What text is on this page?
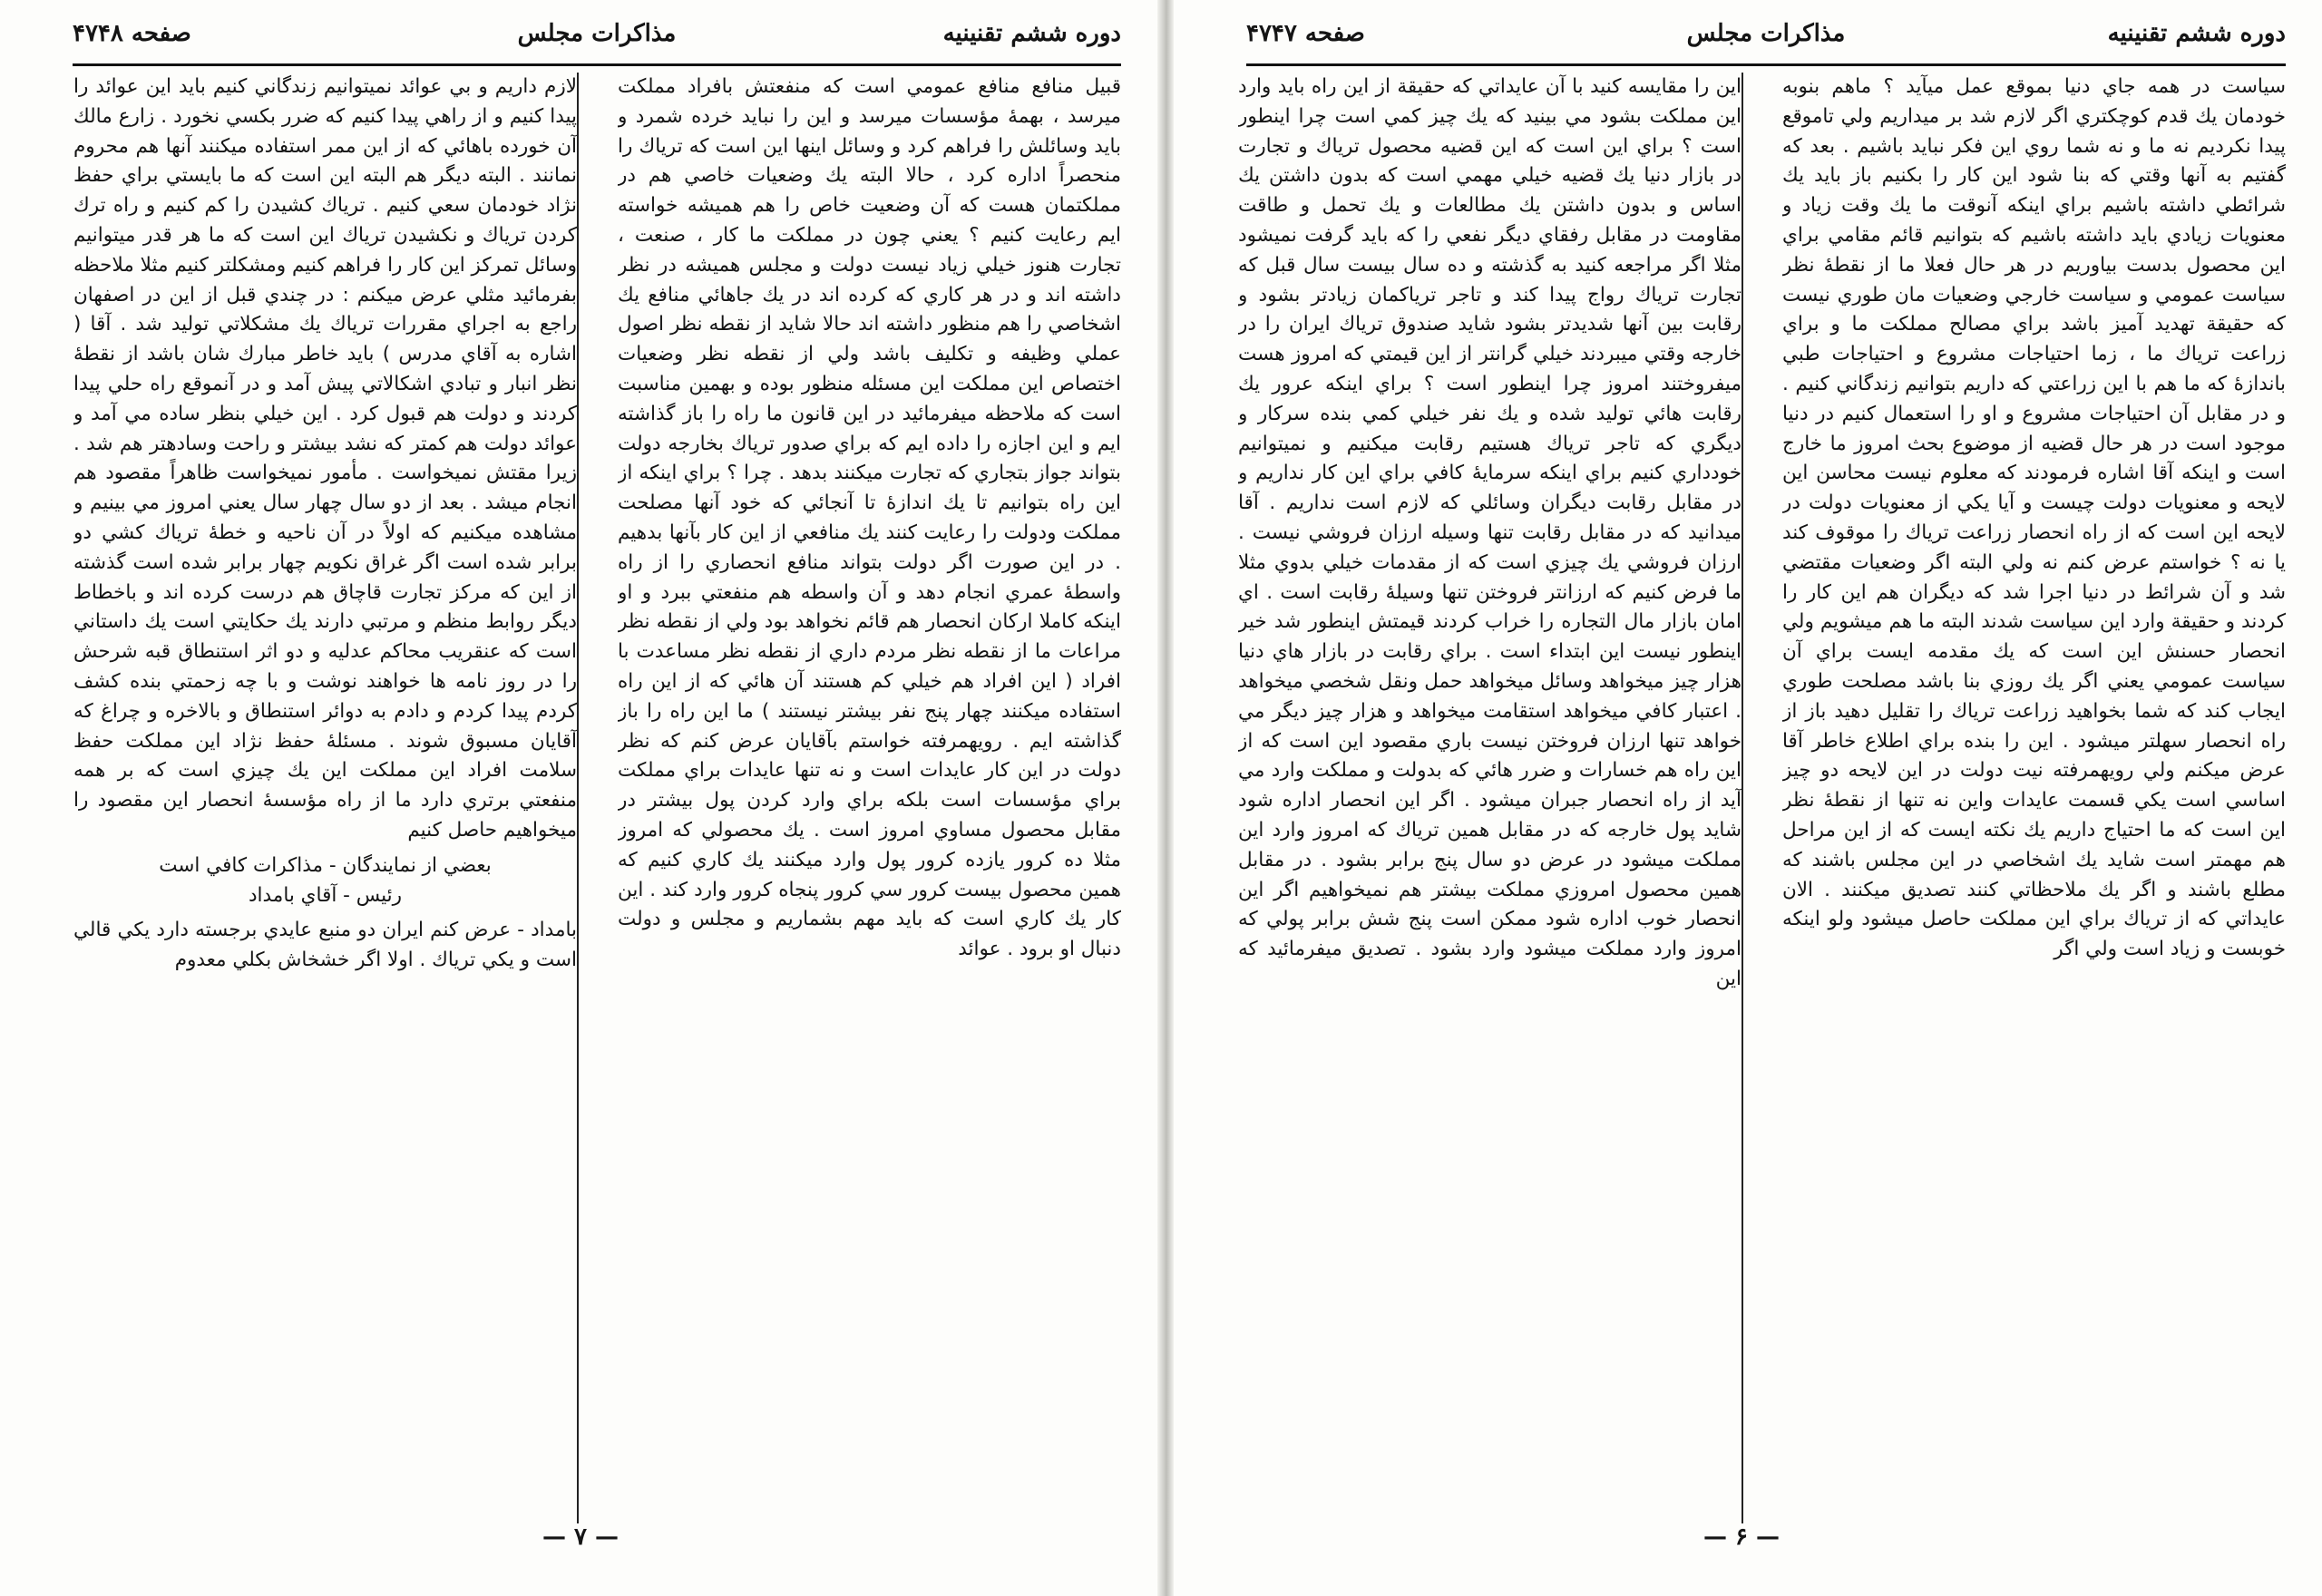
دوره ششم تقنينيه
مذاكرات مجلس
صفحه ۴۷۴۸

قبيل منافع منافع عمومي است كه منفعتش بافراد مملكت ميرسد ، بهمهٔ مؤسسات ميرسد و اين را نبايد خرده شمرد و بايد وسائلش را فراهم كرد و وسائل اينها اين است كه ترياك را منحصراً اداره كرد ، حالا البته يك وضعيات خاصي هم در مملكتمان هست كه آن وضعيت خاص را هم هميشه خواسته ايم رعايت كنيم ؟ يعني چون در مملكت ما كار ، صنعت ، تجارت هنوز خيلي زياد نيست دولت و مجلس هميشه در نظر داشته اند و در هر كاري كه كرده اند در يك جاهائي منافع يك اشخاصي را هم منظور داشته اند حالا شايد از نقطه نظر اصول عملي وظيفه و تكليف باشد ولي از نقطه نظر وضعيات اختصاص اين مملكت اين مسئله منظور بوده و بهمين مناسبت است كه ملاحظه ميفرمائيد در اين قانون ما راه را باز گذاشته ايم و اين اجازه را داده ايم كه براي صدور ترياك بخارجه دولت بتواند جواز بتجاري كه تجارت ميكنند بدهد . چرا ؟ براي اينكه از اين راه بتوانيم تا يك اندازهٔ تا آنجائي كه خود آنها مصلحت مملكت ودولت را رعايت كنند يك منافعي از اين كار بآنها بدهيم . در اين صورت اگر دولت بتواند منافع انحصاري را از راه واسطهٔ عمري انجام دهد و آن واسطه هم منفعتي ببرد و او اينكه كاملا اركان انحصار هم قائم نخواهد بود ولي از نقطه نظر مراعات ما از نقطه نظر مردم داري از نقطه نظر مساعدت با افراد ( اين افراد هم خيلي كم هستند آن هائي كه از اين راه استفاده ميكنند چهار پنج نفر بيشتر نيستند ) ما اين راه را باز گذاشته ايم . رويهمرفته خواستم بآقايان عرض كنم كه نظر دولت در اين كار عايدات است و نه تنها عايدات براي مملكت براي مؤسسات است بلكه براي وارد كردن پول بيشتر در مقابل محصول مساوي امروز است . يك محصولي كه امروز مثلا ده كرور يازده كرور پول وارد ميكنند يك كاري كنيم كه همين محصول بيست كرور سي كرور پنجاه كرور وارد كند . اين كار يك كاري است كه بايد مهم بشماريم و مجلس و دولت دنبال او برود . عوائد

لازم داريم و بي عوائد نميتوانيم زندگاني كنيم بايد اين عوائد را پيدا كنيم و از راهي پيدا كنيم كه ضرر بكسي نخورد . زارع مالك آن خورده باهائي كه از اين ممر استفاده ميكنند آنها هم محروم نمانند . البته ديگر هم البته اين است كه ما بايستي براي حفظ نژاد خودمان سعي كنيم . ترياك كشيدن را كم كنيم و راه ترك كردن ترياك و نكشيدن ترياك اين است كه ما هر قدر ميتوانيم وسائل تمركز اين كار را فراهم كنيم ومشكلتر كنيم مثلا ملاحظه بفرمائيد مثلي عرض ميكنم : در چندي قبل از اين در اصفهان راجع به اجراي مقررات ترياك يك مشكلاتي توليد شد . آقا ( اشاره به آقاي مدرس ) بايد خاطر مبارك شان باشد از نقطهٔ نظر انبار و تبادي اشكالاتي پيش آمد و در آنموقع راه حلي پيدا كردند و دولت هم قبول كرد . اين خيلي بنظر ساده مي آمد و عوائد دولت هم كمتر كه نشد بيشتر و راحت وسادهتر هم شد . زيرا مقتش نميخواست . مأمور نميخواست ظاهراً مقصود هم انجام ميشد . بعد از دو سال چهار سال يعني امروز مي بينيم و مشاهده ميكنيم كه اولاً در آن ناحيه و خطهٔ ترياك كشي دو برابر شده است اگر غراق نكويم چهار برابر شده است گذشته از اين كه مركز تجارت قاچاق هم درست كرده اند و باخطاط ديگر روابط منظم و مرتبي دارند يك حكايتي است يك داستاني است كه عنقريب محاكم عدليه و دو اثر استنطاق قبه شرحش را در روز نامه ها خواهند نوشت و با چه زحمتي بنده كشف كردم پيدا كردم و دادم به دوائر استنطاق و بالاخره و چراغ كه آقايان مسبوق شوند . مسئلهٔ حفظ نژاد اين مملكت حفظ سلامت افراد اين مملكت اين يك چيزي است كه بر همه منفعتي برتري دارد ما از راه مؤسسهٔ انحصار اين مقصود را ميخواهيم حاصل كنيم

بعضي از نمايندگان - مذاكرات كافي است

رئيس - آقاي بامداد

بامداد - عرض كنم ايران دو منبع عايدي برجسته دارد يكي قالي است و يكي ترياك . اولا اگر خشخاش بكلي معدوم

— ۷ —
دوره ششم تقنينيه
مذاكرات مجلس
صفحه ۴۷۴۷

سياست در همه جاي دنيا بموقع عمل ميآيد ؟ ماهم بنوبه خودمان يك قدم كوچكتري اگر لازم شد بر ميداريم ولي تاموقع پيدا نكرديم نه ما و نه شما روي اين فكر نبايد باشيم . بعد كه گفتيم به آنها وقتي كه بنا شود اين كار را بكنيم باز بايد يك شرائطي داشته باشيم براي اينكه آنوقت ما يك وقت زياد و معنويات زيادي بايد داشته باشيم كه بتوانيم قائم مقامي براي اين محصول بدست بياوريم در هر حال فعلا ما از نقطهٔ نظر سياست عمومي و سياست خارجي وضعيات مان طوري نيست كه حقيقة تهديد آميز باشد براي مصالح مملكت ما و براي زراعت ترياك ما ، زما احتياجات مشروع و احتياجات طبي باندازهٔ كه ما هم با اين زراعتي كه داريم بتوانيم زندگاني كنيم . و در مقابل آن احتياجات مشروع و او را استعمال كنيم در دنيا موجود است در هر حال قضيه از موضوع بحث امروز ما خارج است و اينكه آقا اشاره فرمودند كه معلوم نيست محاسن اين لايحه و معنويات دولت چيست و آيا يكي از معنويات دولت در لايحه اين است كه از راه انحصار زراعت ترياك را موقوف كند يا نه ؟ خواستم عرض كنم نه ولي البته اگر وضعيات مقتضي شد و آن شرائط در دنيا اجرا شد كه ديگران هم اين كار را كردند و حقيقة وارد اين سياست شدند البته ما هم ميشويم ولي انحصار حسنش اين است كه يك مقدمه ايست براي آن سياست عمومي يعني اگر يك روزي بنا باشد مصلحت طوري ايجاب كند كه شما بخواهيد زراعت ترياك را تقليل دهيد باز از راه انحصار سهلتر ميشود . اين را بنده براي اطلاع خاطر آقا عرض ميكنم ولي رويهمرفته نيت دولت در اين لايحه دو چيز اساسي است يكي قسمت عايدات واين نه تنها از نقطهٔ نظر اين است كه ما احتياج داريم يك نكته ايست كه از اين مراحل هم مهمتر است شايد يك اشخاصي در اين مجلس باشند كه مطلع باشند و اگر يك ملاحظاتي كنند تصديق ميكنند . الان عايداتي كه از ترياك براي اين مملكت حاصل ميشود ولو اينكه خوبست و زياد است ولي اگر

اين را مقايسه كنيد با آن عايداتي كه حقيقة از اين راه بايد وارد اين مملكت بشود مي بينيد كه يك چيز كمي است چرا اينطور است ؟ براي اين است كه اين قضيه محصول ترياك و تجارت در بازار دنيا يك قضيه خيلي مهمي است كه بدون داشتن يك اساس و بدون داشتن يك مطالعات و يك تحمل و طاقت مقاومت در مقابل رفقاي ديگر نفعي را كه بايد گرفت نميشود مثلا اگر مراجعه كنيد به گذشته و ده سال بيست سال قبل كه تجارت ترياك رواج پيدا كند و تاجر ترياكمان زيادتر بشود و رقابت بين آنها شديدتر بشود شايد صندوق ترياك ايران را در خارجه وقتي ميبردند خيلي گرانتر از اين قيمتي كه امروز هست ميفروختند امروز چرا اينطور است ؟ براي اينكه عرور يك رقابت هائي توليد شده و يك نفر خيلي كمي بنده سركار و ديگري كه تاجر ترياك هستيم رقابت ميكنيم و نميتوانيم خودداري كنيم براي اينكه سرمايهٔ كافي براي اين كار نداريم و در مقابل رقابت ديگران وسائلي كه لازم است نداريم . آقا ميدانيد كه در مقابل رقابت تنها وسيله ارزان فروشي نيست . ارزان فروشي يك چيزي است كه از مقدمات خيلي بدوي مثلا ما فرض كنيم كه ارزانتر فروختن تنها وسيلهٔ رقابت است . اي امان بازار مال التجاره را خراب كردند قيمتش اينطور شد خير اينطور نيست اين ابتداء است . براي رقابت در بازار هاي دنيا هزار چيز ميخواهد وسائل ميخواهد حمل ونقل شخصي ميخواهد . اعتبار كافي ميخواهد استقامت ميخواهد و هزار چيز ديگر مي خواهد تنها ارزان فروختن نيست باري مقصود اين است كه از اين راه هم خسارات و ضرر هائي كه بدولت و مملكت وارد مي آيد از راه انحصار جبران ميشود . اگر اين انحصار اداره شود شايد پول خارجه كه در مقابل همين ترياك كه امروز وارد اين مملكت ميشود در عرض دو سال پنج برابر بشود . در مقابل همين محصول امروزي مملكت بيشتر هم نميخواهيم اگر اين انحصار خوب اداره شود ممكن است پنج شش برابر پولي كه امروز وارد مملكت ميشود وارد بشود . تصديق ميفرمائيد كه اين

— ۶ —
